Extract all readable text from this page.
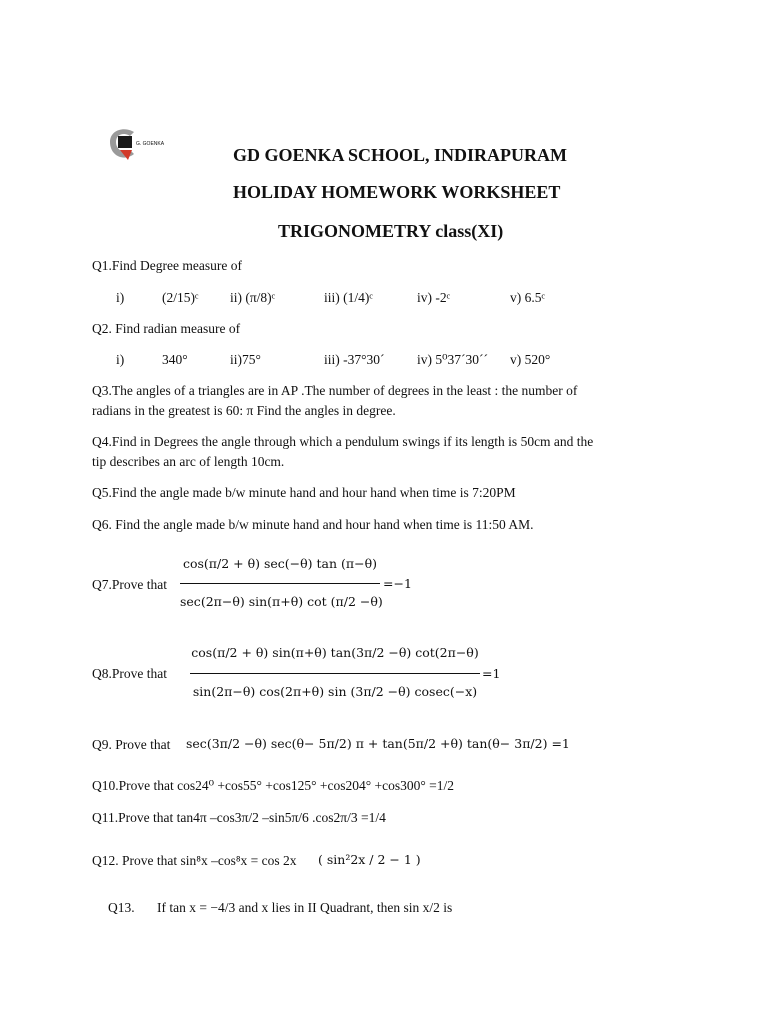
G. GOENKA
GD GOENKA SCHOOL, INDIRAPURAM
HOLIDAY HOMEWORK WORKSHEET
TRIGONOMETRY class(XI)
Q1.Find Degree measure of
i)	(2/15)ᶜ ii) (π/8)ᶜ	iii) (1/4)ᶜ	iv) -2ᶜ	v) 6.5ᶜ
Q2. Find radian measure of
i)	340°	ii)75°	iii) -37°30ˊ iv) 5⁰37ˊ30ˊˊ v) 520°
Q3.The angles of a triangles are in AP .The number of degrees in the least : the number of
radians in the greatest is 60: π Find the angles in degree.
Q4.Find in Degrees the angle through which a pendulum swings if its length is 50cm and the
tip describes an arc of length 10cm.
Q5.Find the angle made b/w minute hand and hour hand when time is 7:20PM
Q6. Find the angle made b/w minute hand and hour hand when time is 11:50 AM.
Q7.Prove that
cos(π/2 + θ) sec(−θ) tan (π−θ)
sec(2π−θ) sin(π+θ) cot (π/2 −θ)
=−1
Q8.Prove that
cos(π/2 + θ) sin(π+θ) tan(3π/2 −θ) cot(2π−θ)
sin(2π−θ) cos(2π+θ) sin (3π/2 −θ) cosec(−x)
=1
Q9. Prove that sec(3π/2 −θ) sec(θ− 5π/2) π + tan(5π/2 +θ) tan(θ− 3π/2) =1
Q10.Prove that cos24⁰ +cos55° +cos125° +cos204° +cos300° =1/2
Q11.Prove that tan4π –cos3π/2 –sin5π/6 .cos2π/3 =1/4
Q12. Prove that sin⁸x –cos⁸x = cos 2x ( sin²2x / 2 − 1 )
Q13. If tan x = −4/3 and x lies in II Quadrant, then sin x/2 is
